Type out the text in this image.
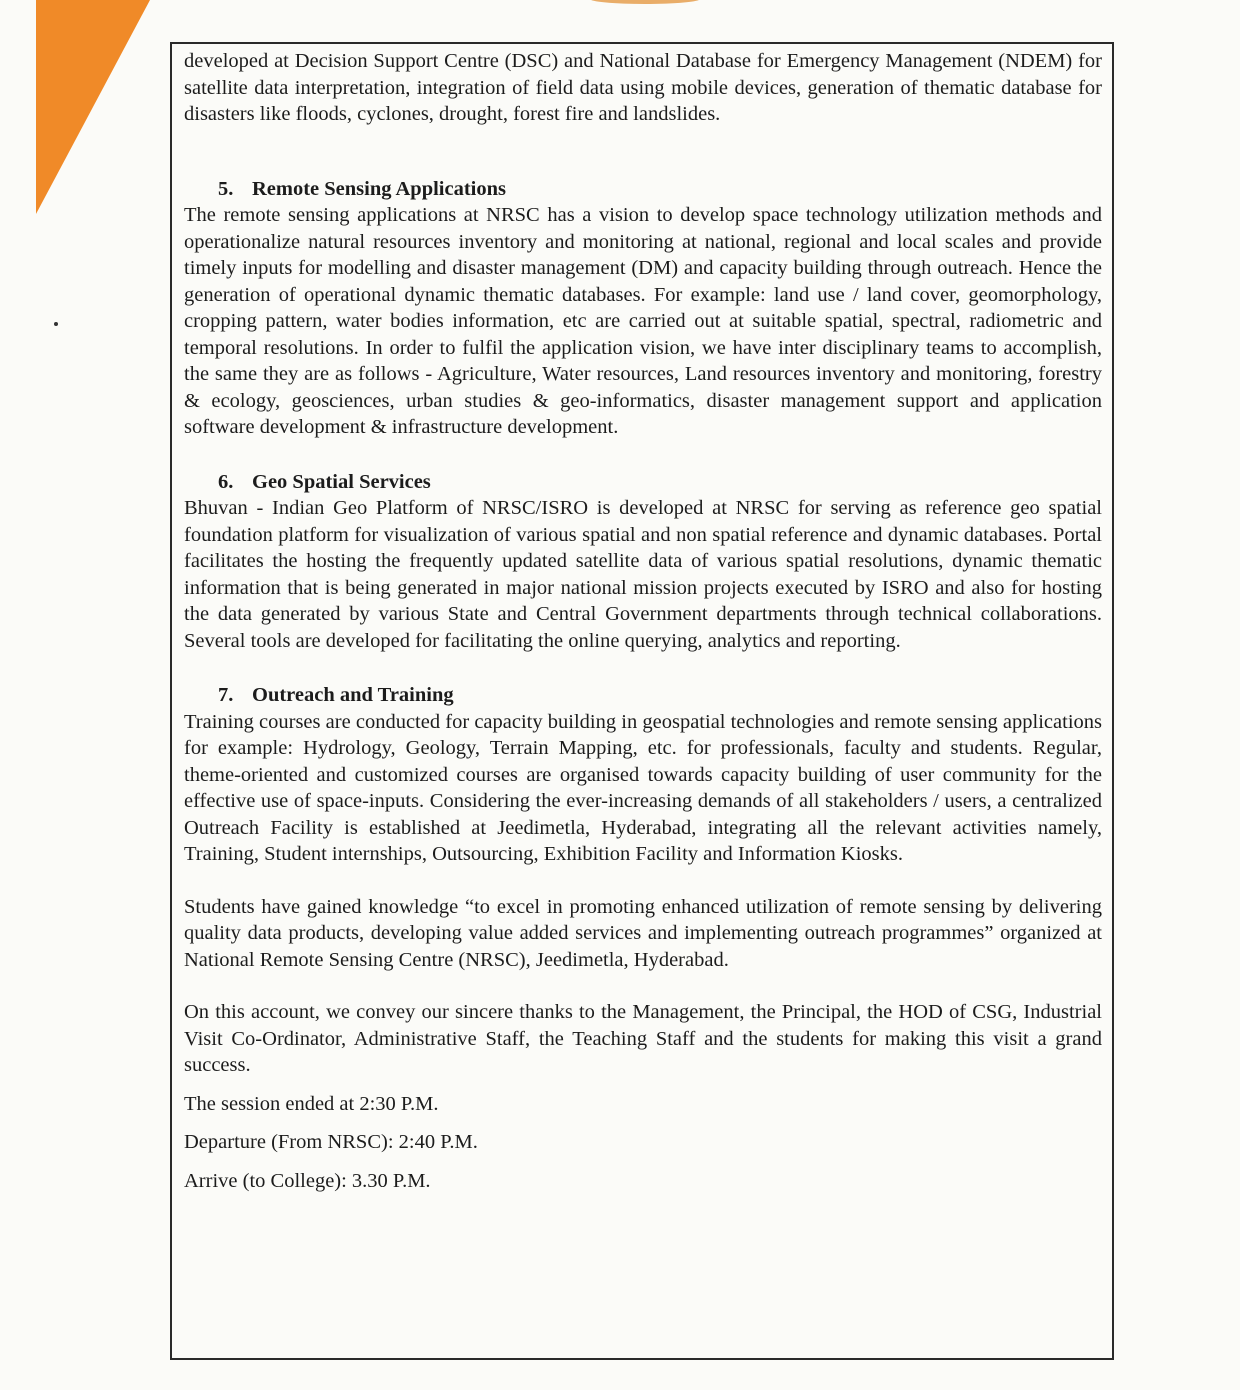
developed at Decision Support Centre (DSC) and National Database for Emergency Management (NDEM) for satellite data interpretation, integration of field data using mobile devices, generation of thematic database for disasters like floods, cyclones, drought, forest fire and landslides.

5. Remote Sensing Applications

The remote sensing applications at NRSC has a vision to develop space technology utilization methods and operationalize natural resources inventory and monitoring at national, regional and local scales and provide timely inputs for modelling and disaster management (DM) and capacity building through outreach. Hence the generation of operational dynamic thematic databases. For example: land use / land cover, geomorphology, cropping pattern, water bodies information, etc are carried out at suitable spatial, spectral, radiometric and temporal resolutions. In order to fulfil the application vision, we have inter disciplinary teams to accomplish, the same they are as follows - Agriculture, Water resources, Land resources inventory and monitoring, forestry & ecology, geosciences, urban studies & geo-informatics, disaster management support and application software development & infrastructure development.

6. Geo Spatial Services

Bhuvan - Indian Geo Platform of NRSC/ISRO is developed at NRSC for serving as reference geo spatial foundation platform for visualization of various spatial and non spatial reference and dynamic databases. Portal facilitates the hosting the frequently updated satellite data of various spatial resolutions, dynamic thematic information that is being generated in major national mission projects executed by ISRO and also for hosting the data generated by various State and Central Government departments through technical collaborations. Several tools are developed for facilitating the online querying, analytics and reporting.

7. Outreach and Training

Training courses are conducted for capacity building in geospatial technologies and remote sensing applications for example: Hydrology, Geology, Terrain Mapping, etc. for professionals, faculty and students. Regular, theme-oriented and customized courses are organised towards capacity building of user community for the effective use of space-inputs. Considering the ever-increasing demands of all stakeholders / users, a centralized Outreach Facility is established at Jeedimetla, Hyderabad, integrating all the relevant activities namely, Training, Student internships, Outsourcing, Exhibition Facility and Information Kiosks.

Students have gained knowledge “to excel in promoting enhanced utilization of remote sensing by delivering quality data products, developing value added services and implementing outreach programmes” organized at National Remote Sensing Centre (NRSC), Jeedimetla, Hyderabad.

On this account, we convey our sincere thanks to the Management, the Principal, the HOD of CSG, Industrial Visit Co-Ordinator, Administrative Staff, the Teaching Staff and the students for making this visit a grand success.

The session ended at 2:30 P.M.

Departure (From NRSC): 2:40 P.M.

Arrive (to College): 3.30 P.M.
